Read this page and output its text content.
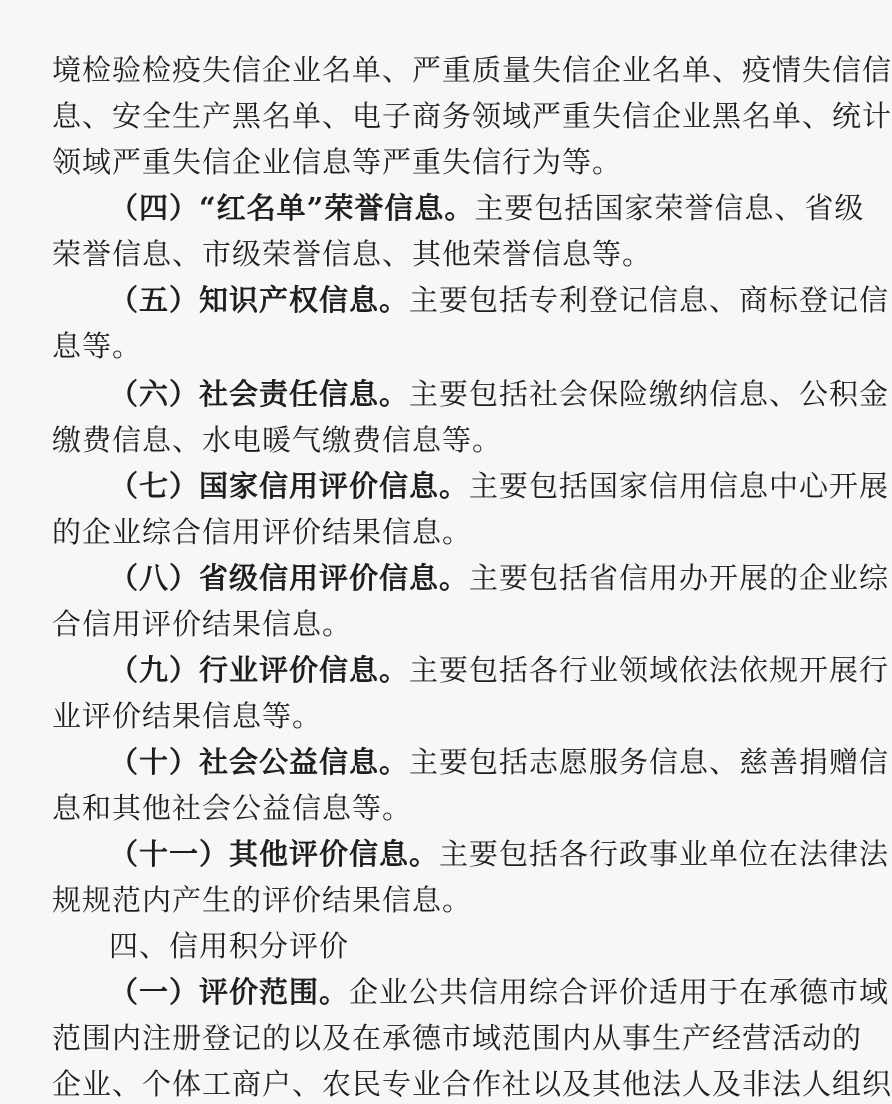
境检验检疫失信企业名单、严重质量失信企业名单、疫情失信信
息、安全生产黑名单、电子商务领域严重失信企业黑名单、统计
领域严重失信企业信息等严重失信行为等。
（四）“红名单”荣誉信息。主要包括国家荣誉信息、省级
荣誉信息、市级荣誉信息、其他荣誉信息等。
（五）知识产权信息。主要包括专利登记信息、商标登记信
息等。
（六）社会责任信息。主要包括社会保险缴纳信息、公积金
缴费信息、水电暖气缴费信息等。
（七）国家信用评价信息。主要包括国家信用信息中心开展
的企业综合信用评价结果信息。
（八）省级信用评价信息。主要包括省信用办开展的企业综
合信用评价结果信息。
（九）行业评价信息。主要包括各行业领域依法依规开展行
业评价结果信息等。
（十）社会公益信息。主要包括志愿服务信息、慈善捐赠信
息和其他社会公益信息等。
（十一）其他评价信息。主要包括各行政事业单位在法律法
规规范内产生的评价结果信息。
四、信用积分评价
（一）评价范围。企业公共信用综合评价适用于在承德市域
范围内注册登记的以及在承德市域范围内从事生产经营活动的
企业、个体工商户、农民专业合作社以及其他法人及非法人组织
